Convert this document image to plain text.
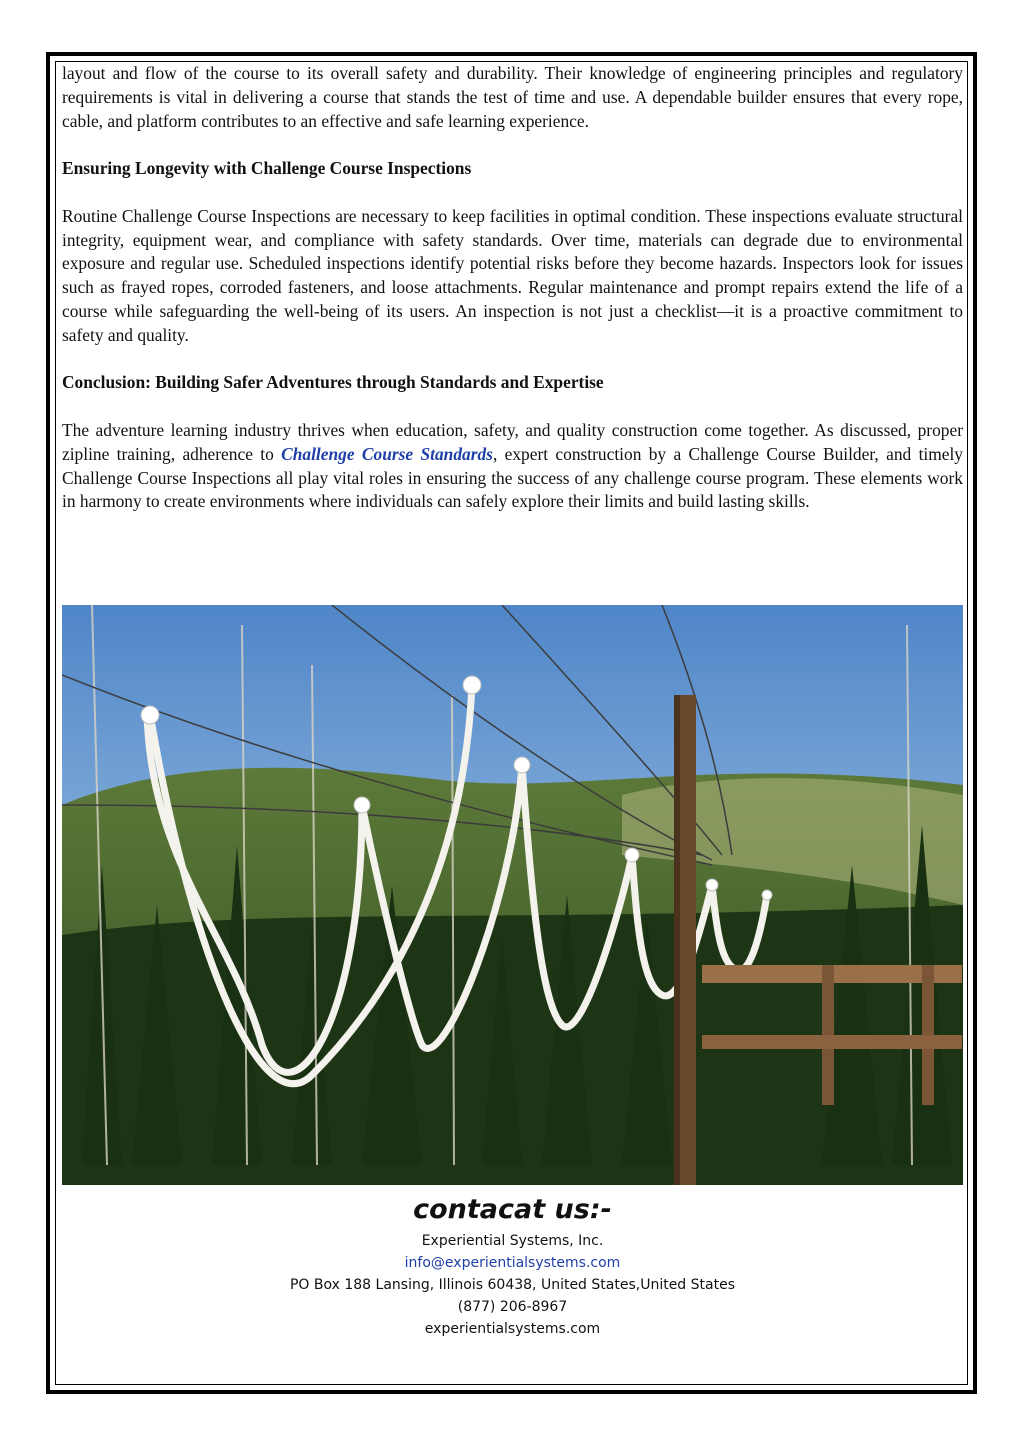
layout and flow of the course to its overall safety and durability. Their knowledge of engineering principles and regulatory requirements is vital in delivering a course that stands the test of time and use. A dependable builder ensures that every rope, cable, and platform contributes to an effective and safe learning experience.

Ensuring Longevity with Challenge Course Inspections

Routine Challenge Course Inspections are necessary to keep facilities in optimal condition. These inspections evaluate structural integrity, equipment wear, and compliance with safety standards. Over time, materials can degrade due to environmental exposure and regular use. Scheduled inspections identify potential risks before they become hazards. Inspectors look for issues such as frayed ropes, corroded fasteners, and loose attachments. Regular maintenance and prompt repairs extend the life of a course while safeguarding the well-being of its users. An inspection is not just a checklist—it is a proactive commitment to safety and quality.

Conclusion: Building Safer Adventures through Standards and Expertise

The adventure learning industry thrives when education, safety, and quality construction come together. As discussed, proper zipline training, adherence to Challenge Course Standards, expert construction by a Challenge Course Builder, and timely Challenge Course Inspections all play vital roles in ensuring the success of any challenge course program. These elements work in harmony to create environments where individuals can safely explore their limits and build lasting skills.

contacat us:-

Experiential Systems, Inc.

info@experientialsystems.com

PO Box 188 Lansing, Illinois 60438, United States,United States

(877) 206-8967

experientialsystems.com
